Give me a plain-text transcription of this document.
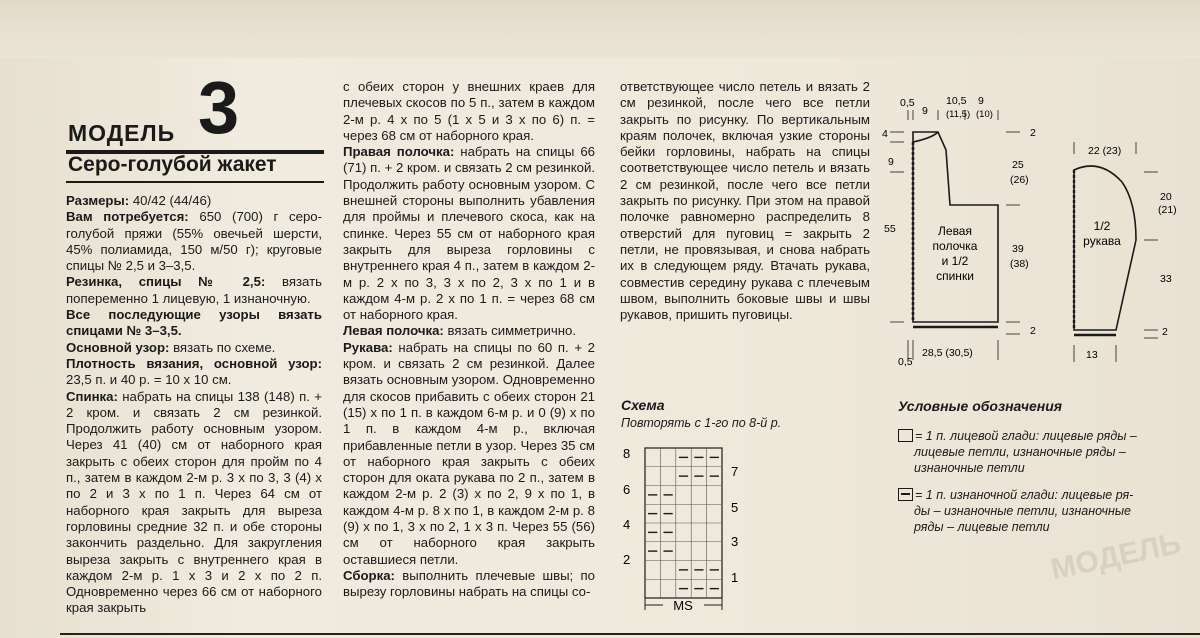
МОДЕЛЬ
МОДЕЛЬ 3
Серо-голубой жакет

Размеры: 40/42 (44/46)

Вам потребуется: 650 (700) г серо-голубой пряжи (55% овечьей шерсти, 45% полиамида, 150 м/50 г); круговые спицы № 2,5 и 3–3,5.

Резинка, спицы № 2,5: вязать попеременно 1 лицевую, 1 изнаночную.

Все последующие узоры вязать спицами № 3–3,5.

Основной узор: вязать по схеме.

Плотность вязания, основной узор: 23,5 п. и 40 р. = 10 x 10 см.

Спинка: набрать на спицы 138 (148) п. + 2 кром. и связать 2 см резинкой. Продолжить работу основным узором. Через 41 (40) см от наборного края закрыть с обеих сторон для пройм по 4 п., затем в каждом 2-м р. 3 x по 3, 3 (4) x по 2 и 3 x по 1 п. Через 64 см от наборного края закрыть для выреза горловины средние 32 п. и обе стороны закончить раздельно. Для закругления выреза закрыть с внутреннего края в каждом 2-м р. 1 x 3 и 2 x по 2 п. Одновременно через 66 см от наборного края закрыть

с обеих сторон у внешних краев для плечевых скосов по 5 п., затем в каждом 2-м р. 4 x по 5 (1 x 5 и 3 x по 6) п. = через 68 см от наборного края.

Правая полочка: набрать на спицы 66 (71) п. + 2 кром. и связать 2 см резинкой. Продолжить работу основным узором. С внешней стороны выполнить убавления для проймы и плечевого скоса, как на спинке. Через 55 см от наборного края закрыть для выреза горловины с внутреннего края 4 п., затем в каждом 2-м р. 2 x по 3, 3 x по 2, 3 x по 1 и в каждом 4-м р. 2 x по 1 п. = через 68 см от наборного края.

Левая полочка: вязать симметрично.

Рукава: набрать на спицы по 60 п. + 2 кром. и связать 2 см резинкой. Далее вязать основным узором. Одновременно для скосов прибавить с обеих сторон 21 (15) x по 1 п. в каждом 6-м р. и 0 (9) x по 1 п. в каждом 4-м р., включая прибавленные петли в узор. Через 35 см от наборного края закрыть с обеих сторон для оката рукава по 2 п., затем в каждом 2-м р. 2 (3) x по 2, 9 x по 1, в каждом 4-м р. 8 x по 1, в каждом 2-м р. 8 (9) x по 1, 3 x по 2, 1 x 3 п. Через 55 (56) см от наборного края закрыть оставшиеся петли.

Сборка: выполнить плечевые швы; по вырезу горловины набрать на спицы со-

ответствующее число петель и вязать 2 см резинкой, после чего все петли закрыть по рисунку. По вертикальным краям полочек, включая узкие стороны бейки горловины, набрать на спицы соответствующее число петель и вязать 2 см резинкой, после чего все петли закрыть по рисунку. При этом на правой полочке равномерно распределить 8 отверстий для пуговиц = закрыть 2 петли, не провязывая, и снова набрать их в следующем ряду. Втачать рукава, совместив середину рукава с плечевым швом, выполнить боковые швы и швы рукавов, пришить пуговицы.

Схема
Повторять с 1-го по 8-й р.
MS
8
6
4
2
7
5
3
1
0,5
9
10,5
(11,5)
9
(10)
4
9
55
2
25
(26)
39
(38)
2
0,5
28,5 (30,5)
Левая
полочка
и 1/2
спинки
22 (23)
20
(21)
33
2
13
1/2
рукава
Условные обозначения
= 1 п. лицевой глади: лицевые ряды –
лицевые петли, изнаночные ряды –
изнаночные петли
= 1 п. изнаночной глади: лицевые ря-
ды – изнаночные петли, изнаночные
ряды – лицевые петли
